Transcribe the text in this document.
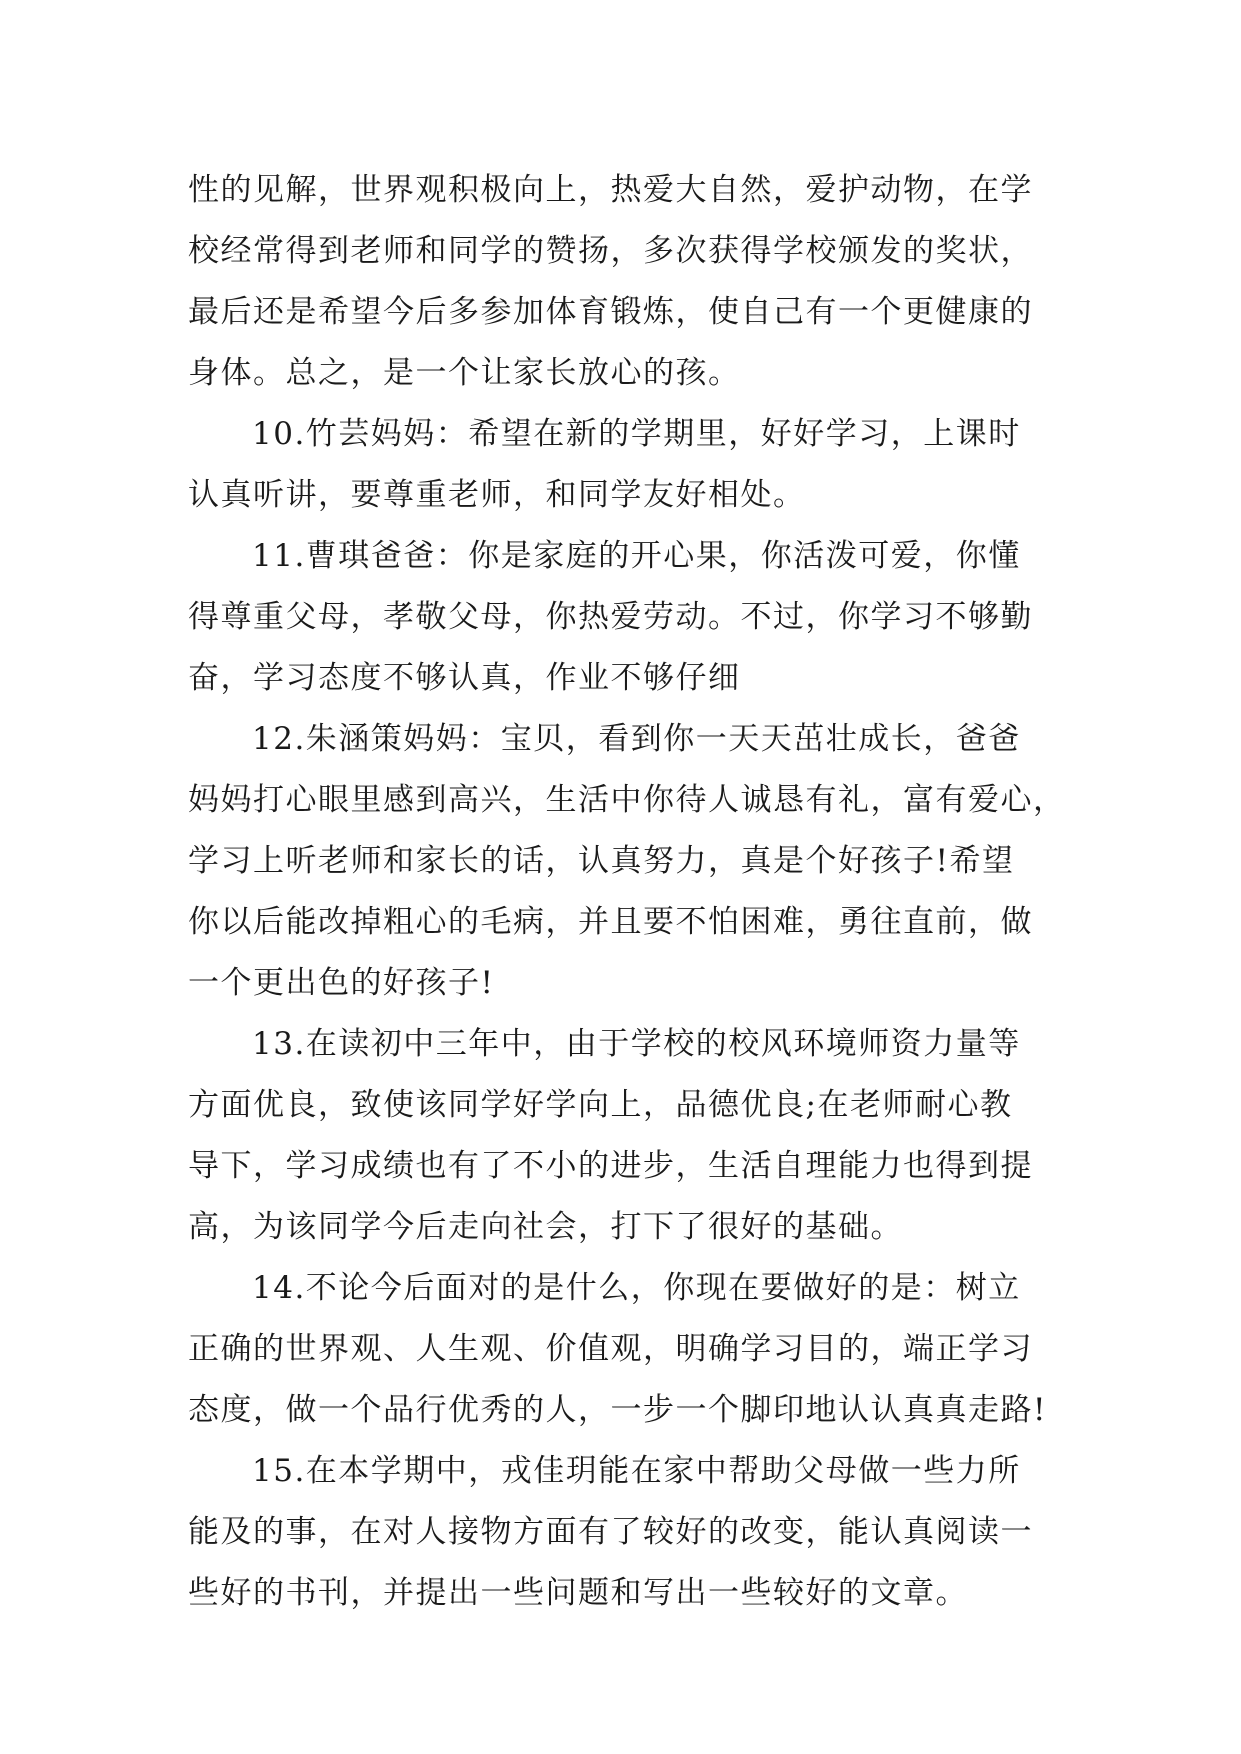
性的见解，世界观积极向上，热爱大自然，爱护动物，在学
校经常得到老师和同学的赞扬，多次获得学校颁发的奖状，
最后还是希望今后多参加体育锻炼，使自己有一个更健康的
身体。总之，是一个让家长放心的孩。

10.竹芸妈妈：希望在新的学期里，好好学习，上课时
认真听讲，要尊重老师，和同学友好相处。

11.曹琪爸爸：你是家庭的开心果，你活泼可爱，你懂
得尊重父母，孝敬父母，你热爱劳动。不过，你学习不够勤
奋，学习态度不够认真，作业不够仔细

12.朱涵策妈妈：宝贝，看到你一天天茁壮成长，爸爸
妈妈打心眼里感到高兴，生活中你待人诚恳有礼，富有爱心，
学习上听老师和家长的话，认真努力，真是个好孩子!希望
你以后能改掉粗心的毛病，并且要不怕困难，勇往直前，做
一个更出色的好孩子!

13.在读初中三年中，由于学校的校风环境师资力量等
方面优良，致使该同学好学向上，品德优良;在老师耐心教
导下，学习成绩也有了不小的进步，生活自理能力也得到提
高，为该同学今后走向社会，打下了很好的基础。

14.不论今后面对的是什么，你现在要做好的是：树立
正确的世界观、人生观、价值观，明确学习目的，端正学习
态度，做一个品行优秀的人，一步一个脚印地认认真真走路!

15.在本学期中，戎佳玥能在家中帮助父母做一些力所
能及的事，在对人接物方面有了较好的改变，能认真阅读一
些好的书刊，并提出一些问题和写出一些较好的文章。
